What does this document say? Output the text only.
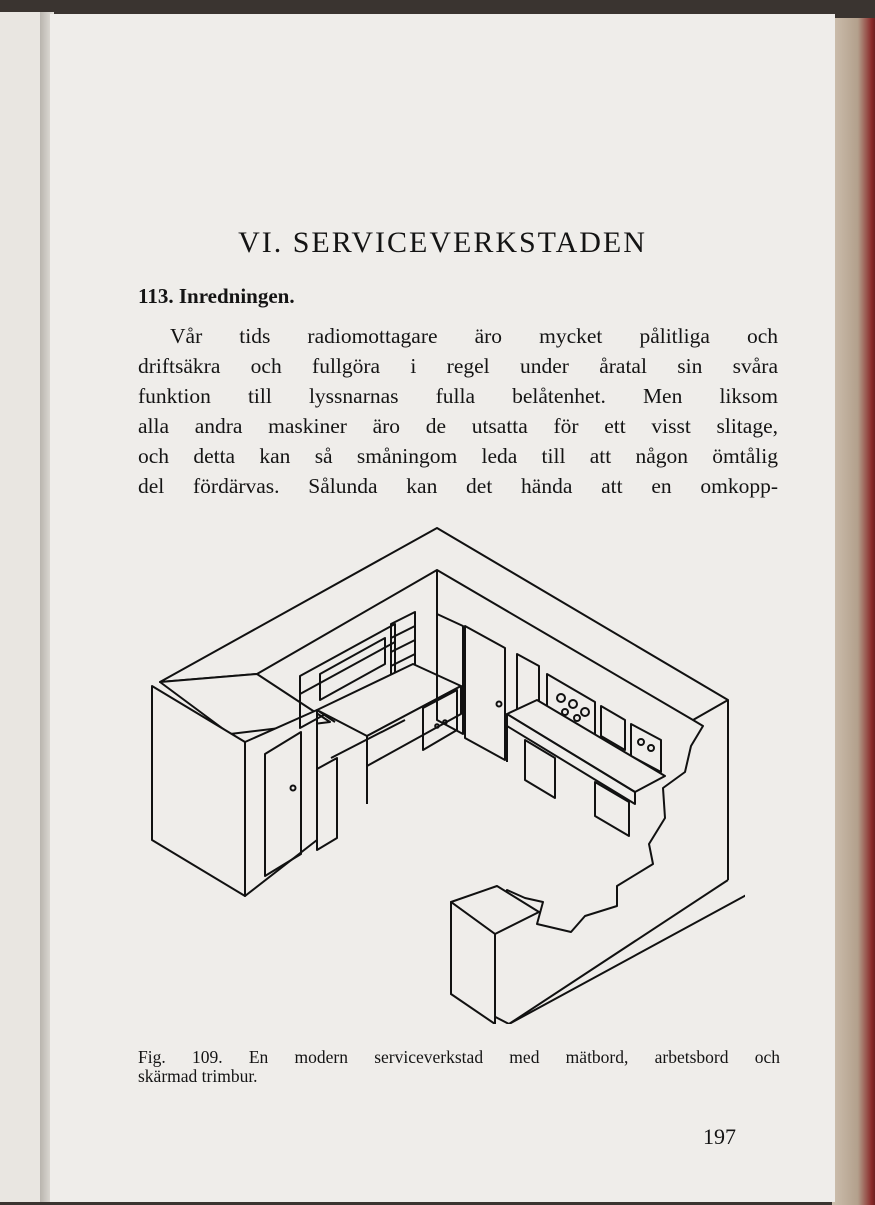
VI. SERVICEVERKSTADEN
113. Inredningen.
Vår tids radiomottagare äro mycket pålitliga och
driftsäkra och fullgöra i regel under åratal sin svåra
funktion till lyssnarnas fulla belåtenhet. Men liksom
alla andra maskiner äro de utsatta för ett visst slitage,
och detta kan så småningom leda till att någon ömtålig
del fördärvas. Sålunda kan det hända att en omkopp-
Fig. 109. En modern serviceverkstad med mätbord, arbetsbord och
skärmad trimbur.
197
